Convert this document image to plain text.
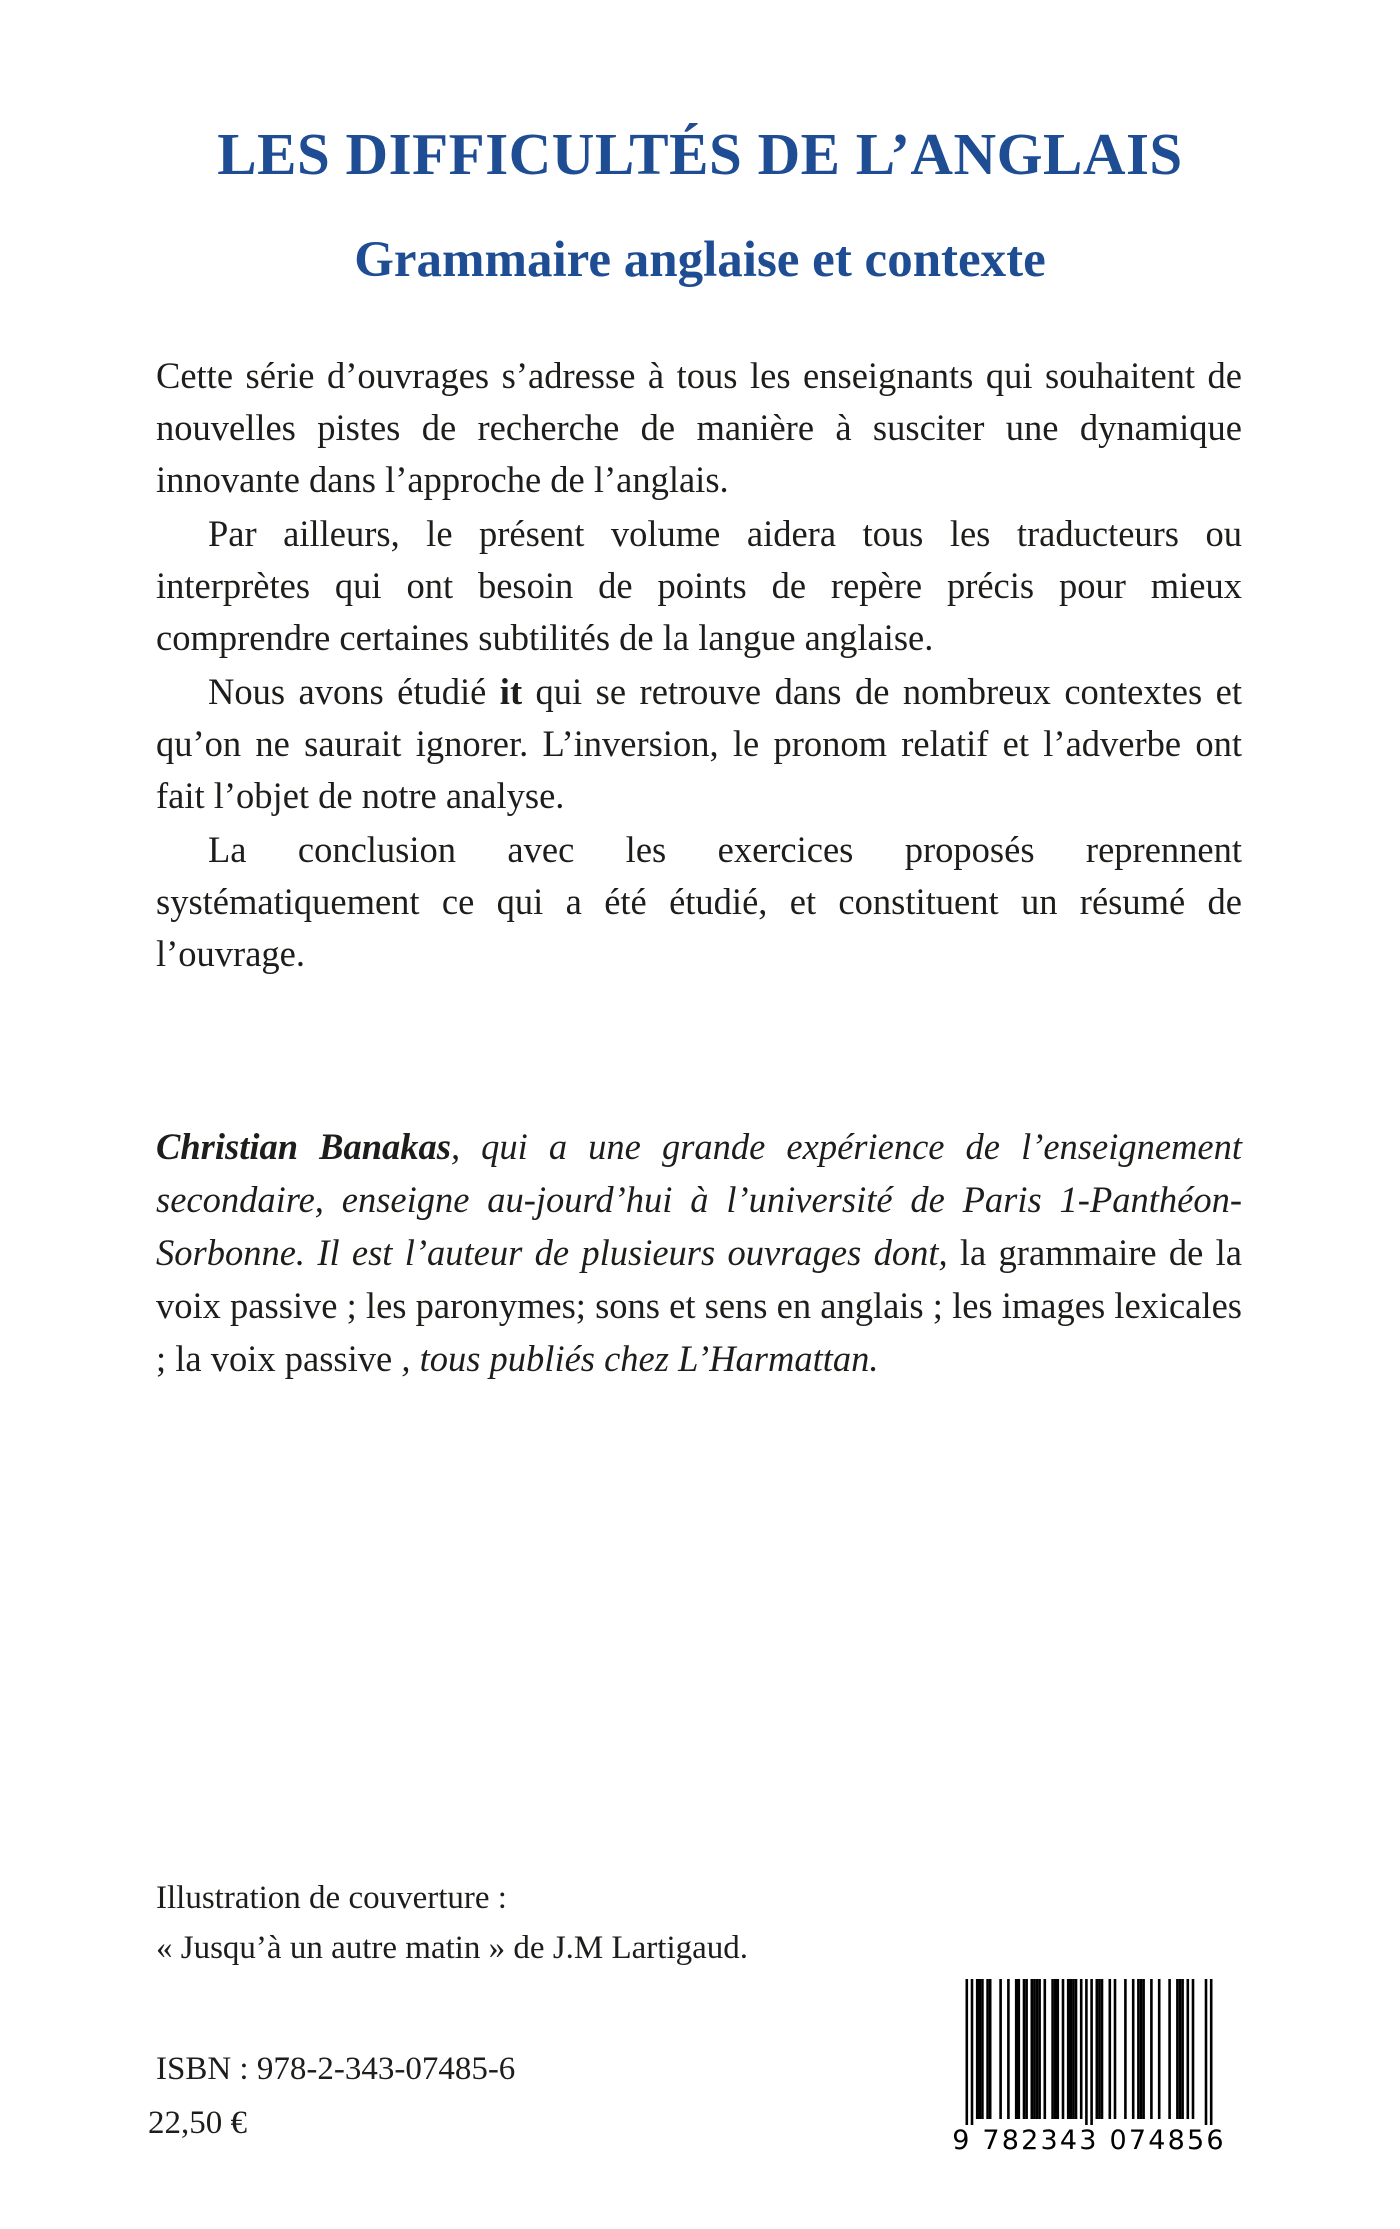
LES DIFFICULTÉS DE L’ANGLAIS
Grammaire anglaise et contexte

Cette série d’ouvrages s’adresse à tous les enseignants qui souhaitent de nouvelles pistes de recherche de manière à susciter une dynamique innovante dans l’approche de l’anglais.

Par ailleurs, le présent volume aidera tous les traducteurs ou interprètes qui ont besoin de points de repère précis pour mieux comprendre certaines subtilités de la langue anglaise.

Nous avons étudié it qui se retrouve dans de nombreux contextes et qu’on ne saurait ignorer. L’inversion, le pronom relatif et l’adverbe ont fait l’objet de notre analyse.

La conclusion avec les exercices proposés reprennent systématiquement ce qui a été étudié, et constituent un résumé de l’ouvrage.

Christian Banakas, qui a une grande expérience de l’enseignement secondaire, enseigne au-jourd’hui à l’université de Paris 1-Panthéon-Sorbonne. Il est l’auteur de plusieurs ouvrages dont, la grammaire de la voix passive ; les paronymes; sons et sens en anglais ; les images lexicales ; la voix passive , tous publiés chez L’Harmattan.

Illustration de couverture :
« Jusqu’à un autre matin » de J.M Lartigaud.
ISBN : 978-2-343-07485-6
22,50 €	9 782343 074856
